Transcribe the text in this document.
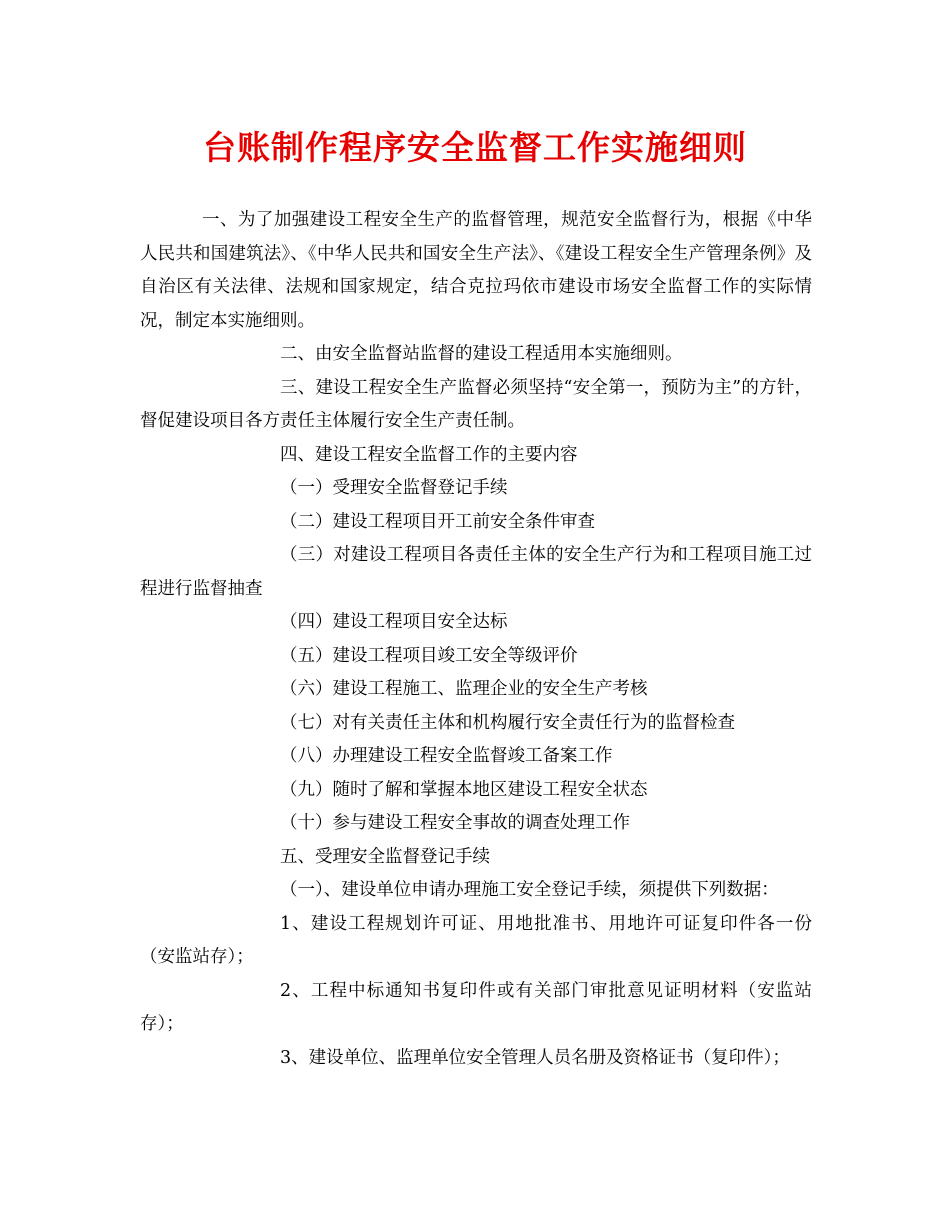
台账制作程序安全监督工作实施细则

一、为了加强建设工程安全生产的监督管理，规范安全监督行为，根据《中华人民共和国建筑法》、《中华人民共和国安全生产法》、《建设工程安全生产管理条例》及自治区有关法律、法规和国家规定，结合克拉玛依市建设市场安全监督工作的实际情况，制定本实施细则。

二、由安全监督站监督的建设工程适用本实施细则。

三、建设工程安全生产监督必须坚持“安全第一，预防为主”的方针，督促建设项目各方责任主体履行安全生产责任制。

四、建设工程安全监督工作的主要内容

（一）受理安全监督登记手续

（二）建设工程项目开工前安全条件审查

（三）对建设工程项目各责任主体的安全生产行为和工程项目施工过程进行监督抽查

（四）建设工程项目安全达标

（五）建设工程项目竣工安全等级评价

（六）建设工程施工、监理企业的安全生产考核

（七）对有关责任主体和机构履行安全责任行为的监督检查

（八）办理建设工程安全监督竣工备案工作

（九）随时了解和掌握本地区建设工程安全状态

（十）参与建设工程安全事故的调查处理工作

五、受理安全监督登记手续

（一）、建设单位申请办理施工安全登记手续，须提供下列数据：

1、建设工程规划许可证、用地批准书、用地许可证复印件各一份（安监站存）；

2、工程中标通知书复印件或有关部门审批意见证明材料（安监站存）；

3、建设单位、监理单位安全管理人员名册及资格证书（复印件）；
